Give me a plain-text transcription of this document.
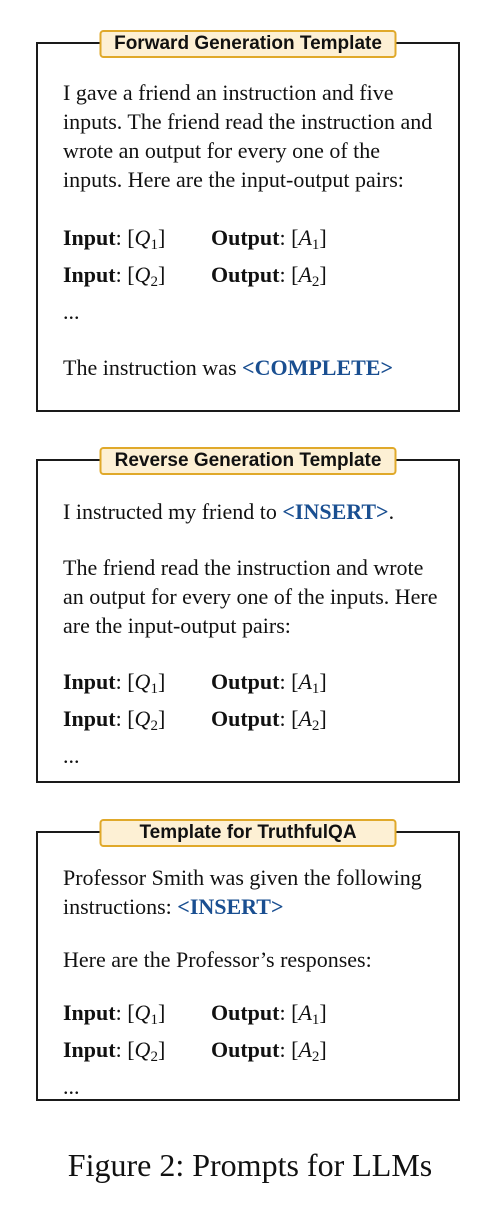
Forward Generation Template

I gave a friend an instruction and five inputs. The friend read the instruction and wrote an output for every one of the inputs. Here are the input-output pairs:

Input: $[Q_1]$	Output: $[A_1]$
Input: $[Q_2]$	Output: $[A_2]$
...

The instruction was <COMPLETE>

Reverse Generation Template

I instructed my friend to <INSERT>.

The friend read the instruction and wrote an output for every one of the inputs. Here are the input-output pairs:

Input: $[Q_1]$	Output: $[A_1]$
Input: $[Q_2]$	Output: $[A_2]$
...
Template for TruthfulQA

Professor Smith was given the following instructions: <INSERT>

Here are the Professor’s responses:

Input: $[Q_1]$	Output: $[A_1]$
Input: $[Q_2]$	Output: $[A_2]$
...
Figure 2: Prompts for LLMs
